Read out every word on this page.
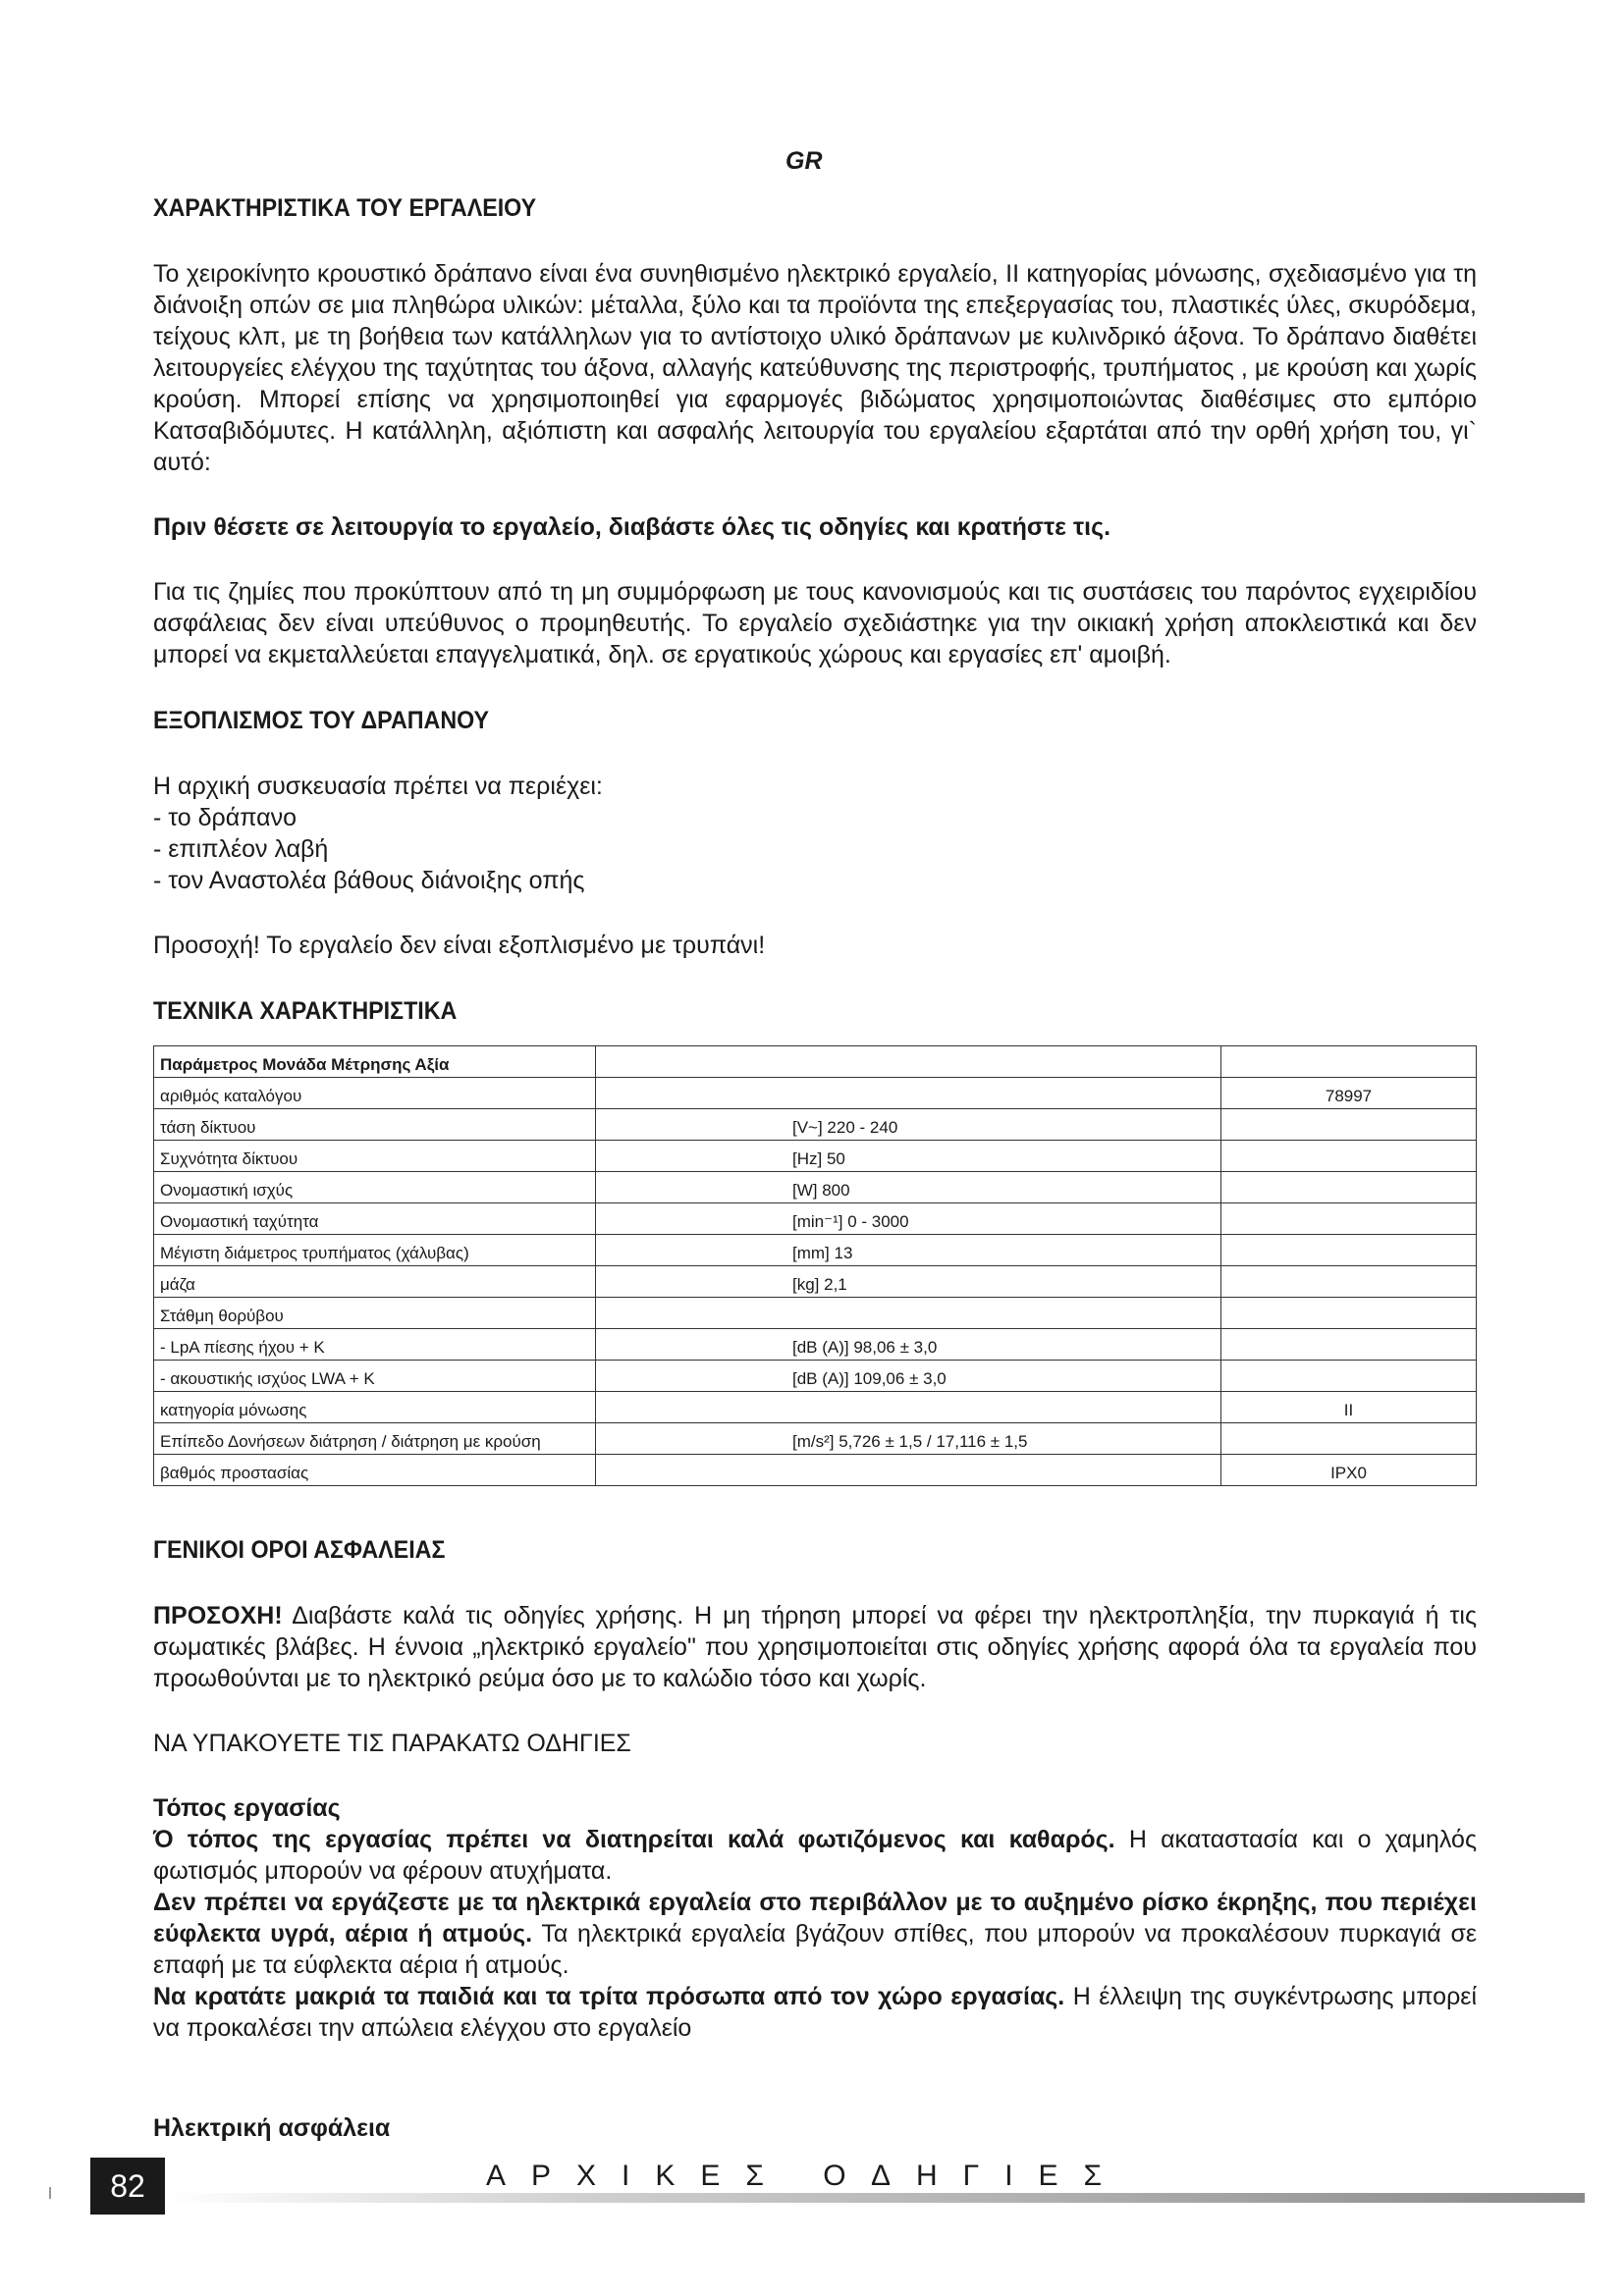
GR
ΧΑΡΑΚΤΗΡΙΣΤΙΚΑ ΤΟΥ ΕΡΓΑΛΕΙΟΥ

Το χειροκίνητο κρουστικό δράπανο είναι ένα συνηθισμένο ηλεκτρικό εργαλείο, II κατηγορίας μόνωσης, σχεδιασμένο για τη διάνοιξη οπών σε μια πληθώρα υλικών: μέταλλα, ξύλο και τα προϊόντα της επεξεργασίας του, πλαστικές ύλες, σκυρόδεμα, τείχους κλπ, με τη βοήθεια των κατάλληλων για το αντίστοιχο υλικό δράπανων με κυλινδρικό άξονα. Το δράπανο διαθέτει λειτουργείες ελέγχου της ταχύτητας του άξονα, αλλαγής κατεύθυνσης της περιστροφής, τρυπήματος , με κρούση και χωρίς κρούση. Μπορεί επίσης να χρησιμοποιηθεί για εφαρμογές βιδώματος χρησιμοποιώντας διαθέσιμες στο εμπόριο Κατσαβιδόμυτες. Η κατάλληλη, αξιόπιστη και ασφαλής λειτουργία του εργαλείου εξαρτάται από την ορθή χρήση του, γι` αυτό:

Πριν θέσετε σε λειτουργία το εργαλείο, διαβάστε όλες τις οδηγίες και κρατήστε τις.

Για τις ζημίες που προκύπτουν από τη μη συμμόρφωση με τους κανονισμούς και τις συστάσεις του παρόντος εγχειριδίου ασφάλειας δεν είναι υπεύθυνος ο προμηθευτής. Το εργαλείο σχεδιάστηκε για την οικιακή χρήση αποκλειστικά και δεν μπορεί να εκμεταλλεύεται επαγγελματικά, δηλ. σε εργατικούς χώρους και εργασίες επ' αμοιβή.

ΕΞΟΠΛΙΣΜΟΣ ΤΟΥ ΔΡΑΠΑΝΟΥ

Η αρχική συσκευασία πρέπει να περιέχει:

- το δράπανο
- επιπλέον λαβή
- τον Αναστολέα βάθους διάνοιξης οπής

Προσοχή! Το εργαλείο δεν είναι εξοπλισμένο με τρυπάνι!

ΤΕΧΝΙΚΑ ΧΑΡΑΚΤΗΡΙΣΤΙΚΑ
Παράμετρος Μονάδα Μέτρησης Αξία		
αριθμός καταλόγου		78997
τάση δίκτυου	[V~] 220 - 240	
Συχνότητα δίκτυου	[Hz] 50	
Ονομαστική ισχύς	[W] 800	
Ονομαστική ταχύτητα	[min⁻¹] 0 - 3000	
Μέγιστη διάμετρος τρυπήματος (χάλυβας)	[mm] 13	
μάζα	[kg] 2,1	
Στάθμη θορύβου		
- LpA πίεσης ήχου + K	[dB (A)] 98,06 ± 3,0	
- ακουστικής ισχύος LWA + K	[dB (A)] 109,06 ± 3,0	
κατηγορία μόνωσης		II
Επίπεδο Δονήσεων διάτρηση / διάτρηση με κρούση	[m/s²] 5,726 ± 1,5 / 17,116 ± 1,5	
βαθμός προστασίας		IPX0
ΓΕΝΙΚΟΙ ΟΡΟΙ ΑΣΦΑΛΕΙΑΣ

ΠΡΟΣΟΧΗ! Διαβάστε καλά τις οδηγίες χρήσης. Η μη τήρηση μπορεί να φέρει την ηλεκτροπληξία, την πυρκαγιά ή τις σωματικές βλάβες. Η έννοια „ηλεκτρικό εργαλείο" που χρησιμοποιείται στις οδηγίες χρήσης αφορά όλα τα εργαλεία που προωθούνται με το ηλεκτρικό ρεύμα όσο με το καλώδιο τόσο και χωρίς.

ΝΑ ΥΠΑΚΟΥΕΤΕ ΤΙΣ ΠΑΡΑΚΑΤΩ ΟΔΗΓΙΕΣ

Τόπος εργασίας

Ό τόπος της εργασίας πρέπει να διατηρείται καλά φωτιζόμενος και καθαρός. Η ακαταστασία και ο χαμηλός φωτισμός μπορούν να φέρουν ατυχήματα.

Δεν πρέπει να εργάζεστε με τα ηλεκτρικά εργαλεία στο περιβάλλον με το αυξημένο ρίσκο έκρηξης, που περιέχει εύφλεκτα υγρά, αέρια ή ατμούς. Τα ηλεκτρικά εργαλεία βγάζουν σπίθες, που μπορούν να προκαλέσουν πυρκαγιά σε επαφή με τα εύφλεκτα αέρια ή ατμούς.

Να κρατάτε μακριά τα παιδιά και τα τρίτα πρόσωπα από τον χώρο εργασίας. Η έλλειψη της συγκέντρωσης μπορεί να προκαλέσει την απώλεια ελέγχου στο εργαλείο

Ηλεκτρική ασφάλεια

82	ΑΡΧΙΚΕΣ ΟΔΗΓΙΕΣ
